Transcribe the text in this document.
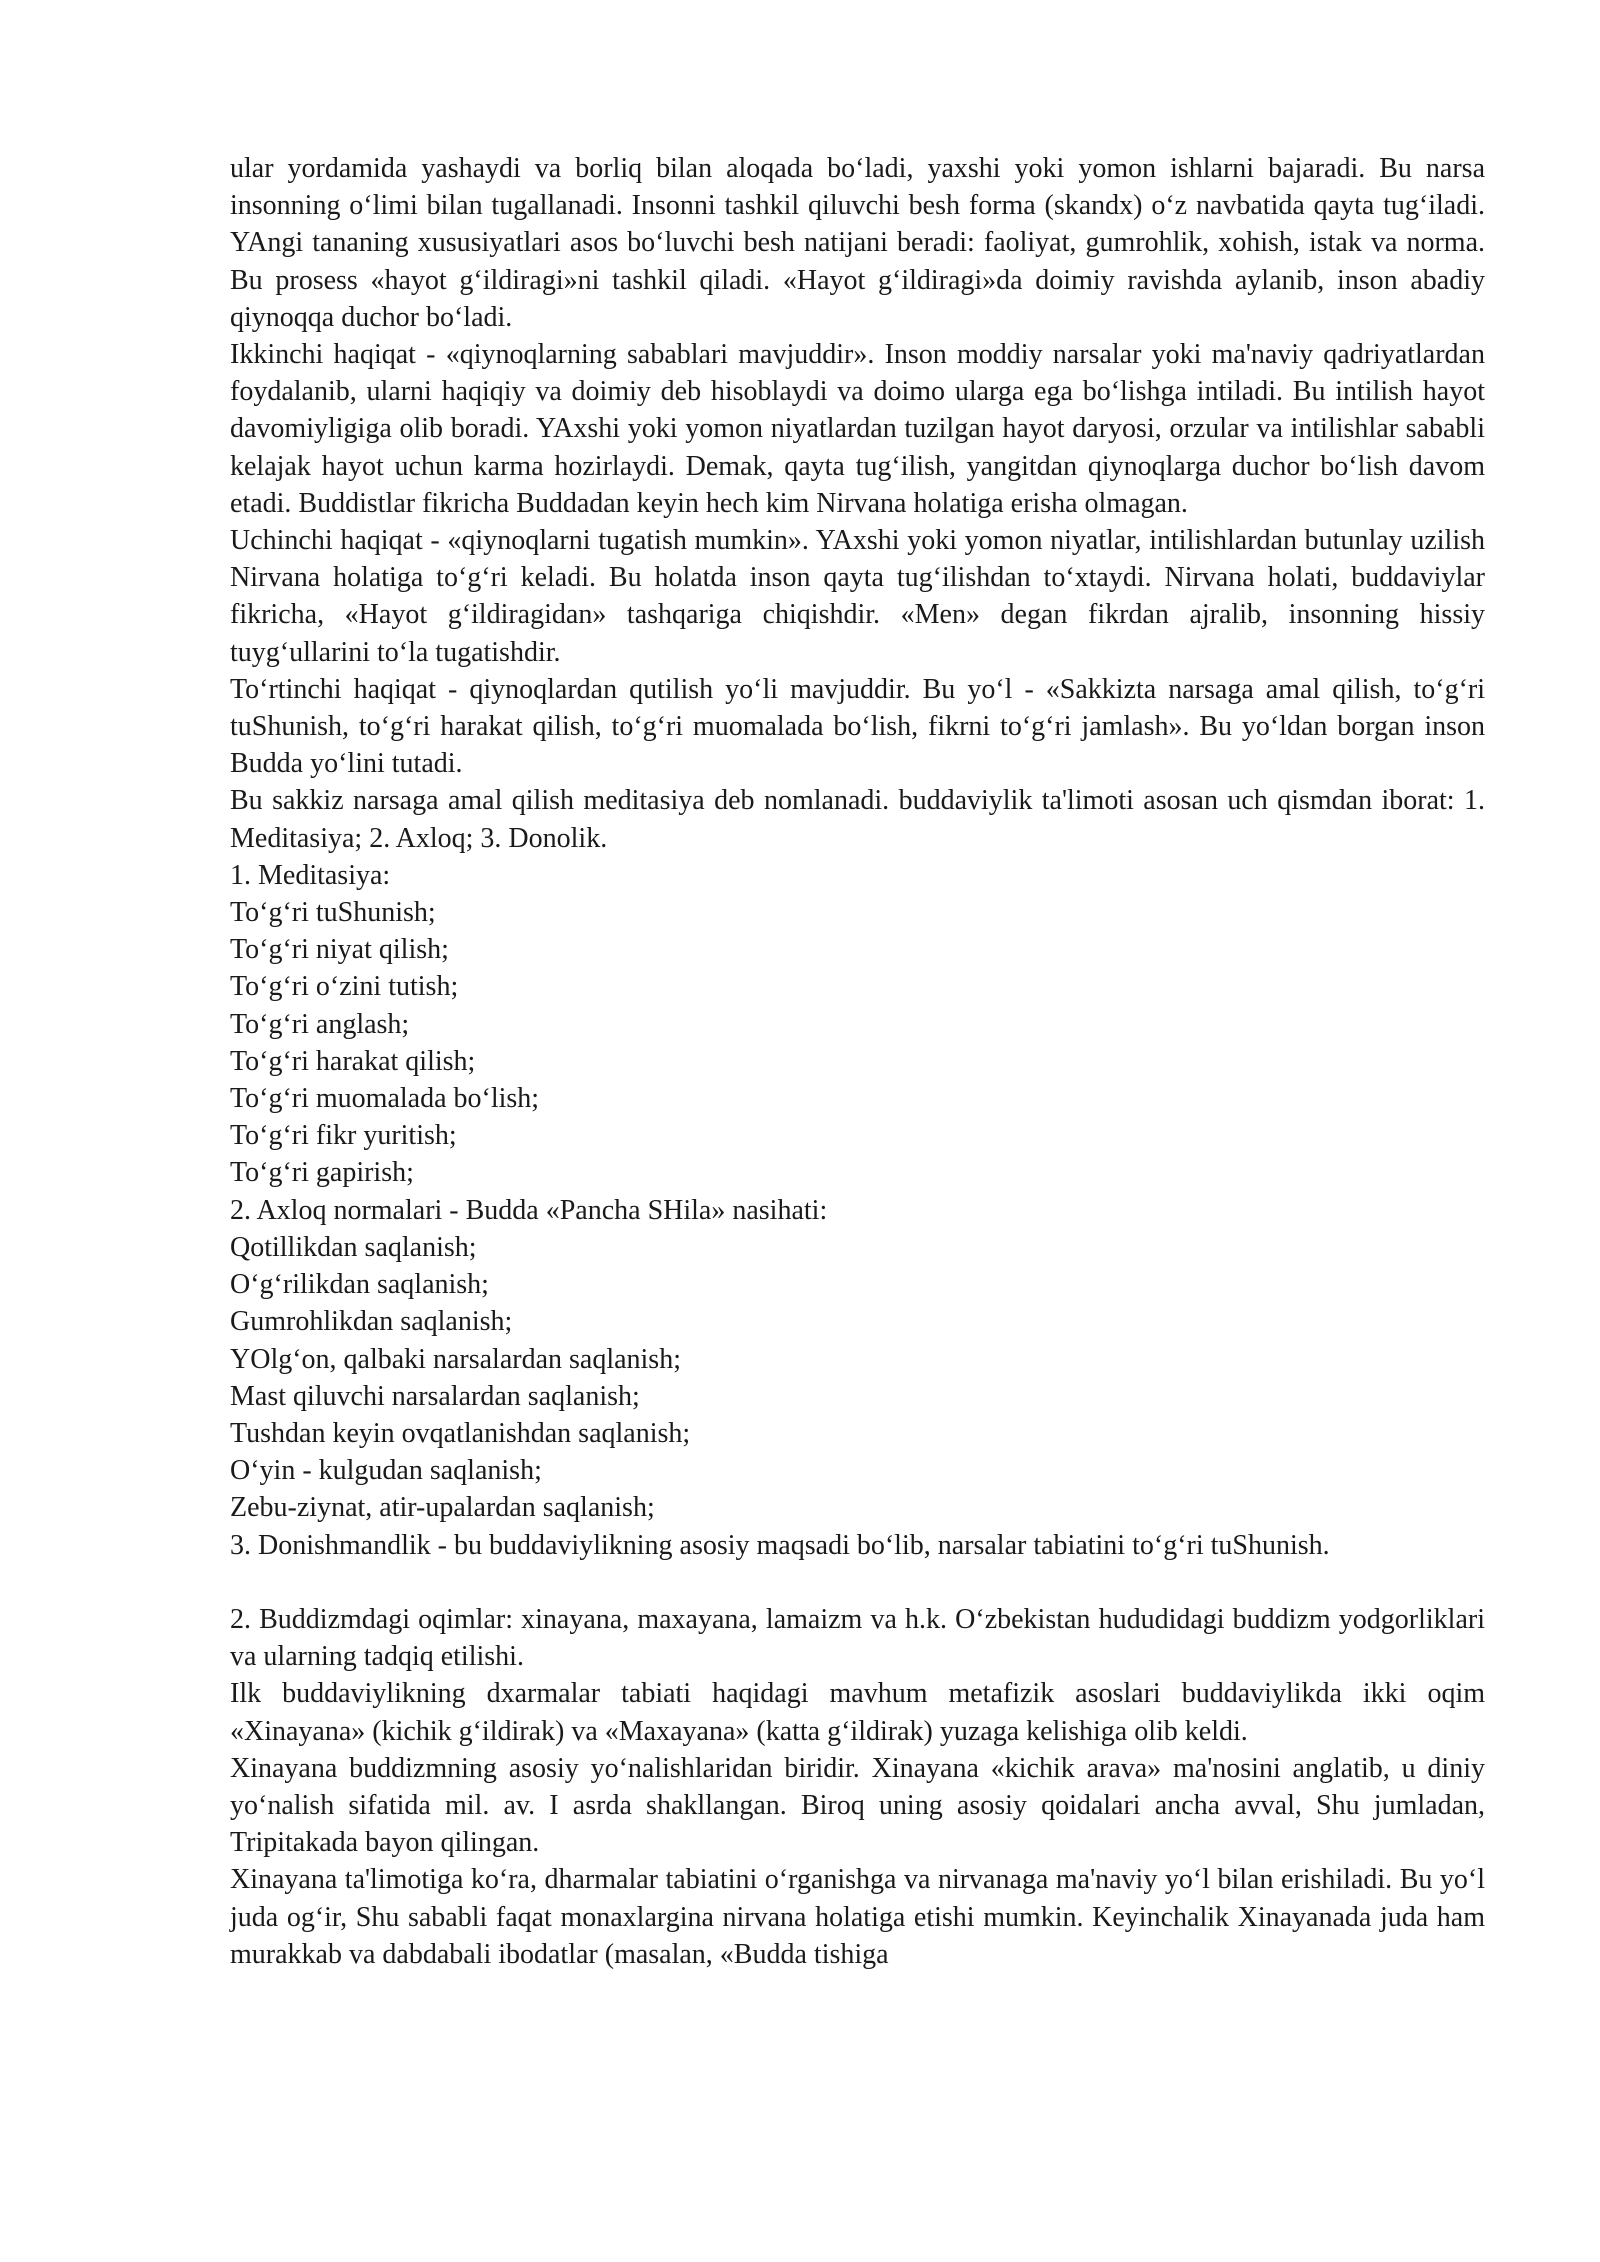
ular yordamida yashaydi va borliq bilan aloqada bo‘ladi, yaxshi yoki yomon ishlarni bajaradi. Bu narsa insonning o‘limi bilan tugallanadi. Insonni tashkil qiluvchi besh forma (skandx) o‘z navbatida qayta tug‘iladi. YAngi tananing xususiyatlari asos bo‘luvchi besh natijani beradi: faoliyat, gumrohlik, xohish, istak va norma. Bu prosess «hayot g‘ildiragi»ni tashkil qiladi. «Hayot g‘ildiragi»da doimiy ravishda aylanib, inson abadiy qiynoqqa duchor bo‘ladi.

Ikkinchi haqiqat - «qiynoqlarning sabablari mavjuddir». Inson moddiy narsalar yoki ma'naviy qadriyatlardan foydalanib, ularni haqiqiy va doimiy deb hisoblaydi va doimo ularga ega bo‘lishga intiladi. Bu intilish hayot davomiyligiga olib boradi. YAxshi yoki yomon niyatlardan tuzilgan hayot daryosi, orzular va intilishlar sababli kelajak hayot uchun karma hozirlaydi. Demak, qayta tug‘ilish, yangitdan qiynoqlarga duchor bo‘lish davom etadi. Buddistlar fikricha Buddadan keyin hech kim Nirvana holatiga erisha olmagan.

Uchinchi haqiqat - «qiynoqlarni tugatish mumkin». YAxshi yoki yomon niyatlar, intilishlardan butunlay uzilish Nirvana holatiga to‘g‘ri keladi. Bu holatda inson qayta tug‘ilishdan to‘xtaydi. Nirvana holati, buddaviylar fikricha, «Hayot g‘ildiragidan» tashqariga chiqishdir. «Men» degan fikrdan ajralib, insonning hissiy tuyg‘ullarini to‘la tugatishdir.

To‘rtinchi haqiqat - qiynoqlardan qutilish yo‘li mavjuddir. Bu yo‘l - «Sakkizta narsaga amal qilish, to‘g‘ri tuShunish, to‘g‘ri harakat qilish, to‘g‘ri muomalada bo‘lish, fikrni to‘g‘ri jamlash». Bu yo‘ldan borgan inson Budda yo‘lini tutadi.

Bu sakkiz narsaga amal qilish meditasiya deb nomlanadi. buddaviylik ta'limoti asosan uch qismdan iborat: 1. Meditasiya; 2. Axloq; 3. Donolik.

1. Meditasiya:

To‘g‘ri tuShunish;

To‘g‘ri niyat qilish;

To‘g‘ri o‘zini tutish;

To‘g‘ri anglash;

To‘g‘ri harakat qilish;

To‘g‘ri muomalada bo‘lish;

To‘g‘ri fikr yuritish;

To‘g‘ri gapirish;

2. Axloq normalari - Budda «Pancha SHila» nasihati:

Qotillikdan saqlanish;

O‘g‘rilikdan saqlanish;

Gumrohlikdan saqlanish;

YOlg‘on, qalbaki narsalardan saqlanish;

Mast qiluvchi narsalardan saqlanish;

Tushdan keyin ovqatlanishdan saqlanish;

O‘yin - kulgudan saqlanish;

Zebu-ziynat, atir-upalardan saqlanish;

3. Donishmandlik - bu buddaviylikning asosiy maqsadi bo‘lib, narsalar tabiatini to‘g‘ri tuShunish.

2. Buddizmdagi oqimlar: xinayana, maxayana, lamaizm va h.k. O‘zbekistan hududidagi buddizm yodgorliklari va ularning tadqiq etilishi.

Ilk buddaviylikning dxarmalar tabiati haqidagi mavhum metafizik asoslari buddaviylikda ikki oqim «Xinayana» (kichik g‘ildirak) va «Maxayana» (katta g‘ildirak) yuzaga kelishiga olib keldi.

Xinayana buddizmning asosiy yo‘nalishlaridan biridir. Xinayana «kichik arava» ma'nosini anglatib, u diniy yo‘nalish sifatida mil. av. I asrda shakllangan. Biroq uning asosiy qoidalari ancha avval, Shu jumladan, Tripitakada bayon qilingan.

Xinayana ta'limotiga ko‘ra, dharmalar tabiatini o‘rganishga va nirvanaga ma'naviy yo‘l bilan erishiladi. Bu yo‘l juda og‘ir, Shu sababli faqat monaxlargina nirvana holatiga etishi mumkin. Keyinchalik Xinayanada juda ham murakkab va dabdabali ibodatlar (masalan, «Budda tishiga
